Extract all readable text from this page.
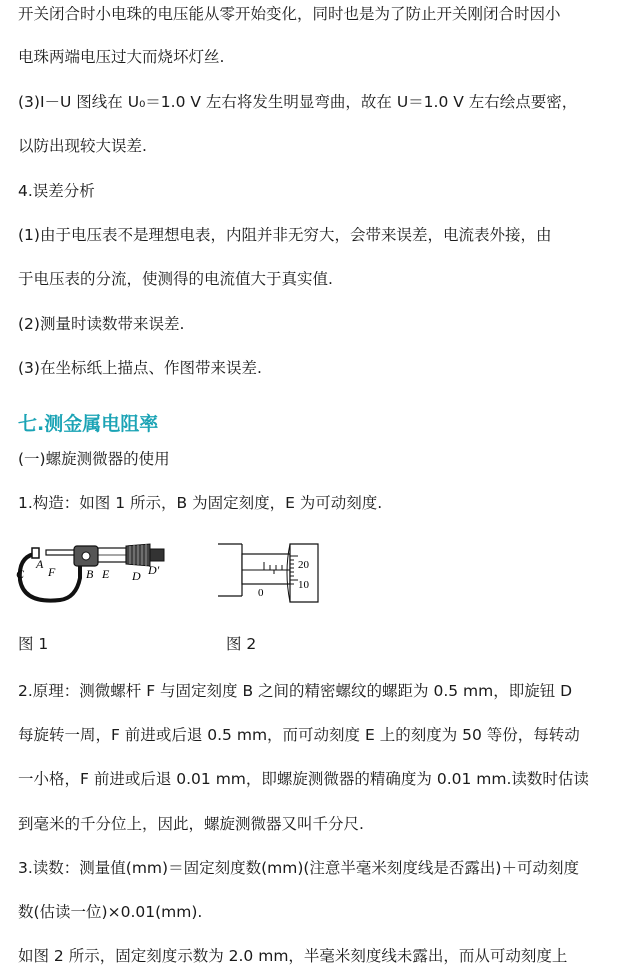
开关闭合时小电珠的电压能从零开始变化，同时也是为了防止开关刚闭合时因小
电珠两端电压过大而烧坏灯丝.
(3)I－U 图线在 U₀＝1.0 V 左右将发生明显弯曲，故在 U＝1.0 V 左右绘点要密，
以防出现较大误差.
4.误差分析
(1)由于电压表不是理想电表，内阻并非无穷大，会带来误差，电流表外接，由
于电压表的分流，使测得的电流值大于真实值.
(2)测量时读数带来误差.
(3)在坐标纸上描点、作图带来误差.
七.测金属电阻率
(一)螺旋测微器的使用
1.构造：如图 1 所示，B 为固定刻度，E 为可动刻度.
C
A
F	B E D D′	20
10
0
图 1	图 2
2.原理：测微螺杆 F 与固定刻度 B 之间的精密螺纹的螺距为 0.5 mm，即旋钮 D
每旋转一周，F 前进或后退 0.5 mm，而可动刻度 E 上的刻度为 50 等份，每转动
一小格，F 前进或后退 0.01 mm，即螺旋测微器的精确度为 0.01 mm.读数时估读
到毫米的千分位上，因此，螺旋测微器又叫千分尺.
3.读数：测量值(mm)＝固定刻度数(mm)(注意半毫米刻度线是否露出)＋可动刻度
数(估读一位)×0.01(mm).
如图 2 所示，固定刻度示数为 2.0 mm，半毫米刻度线未露出，而从可动刻度上
